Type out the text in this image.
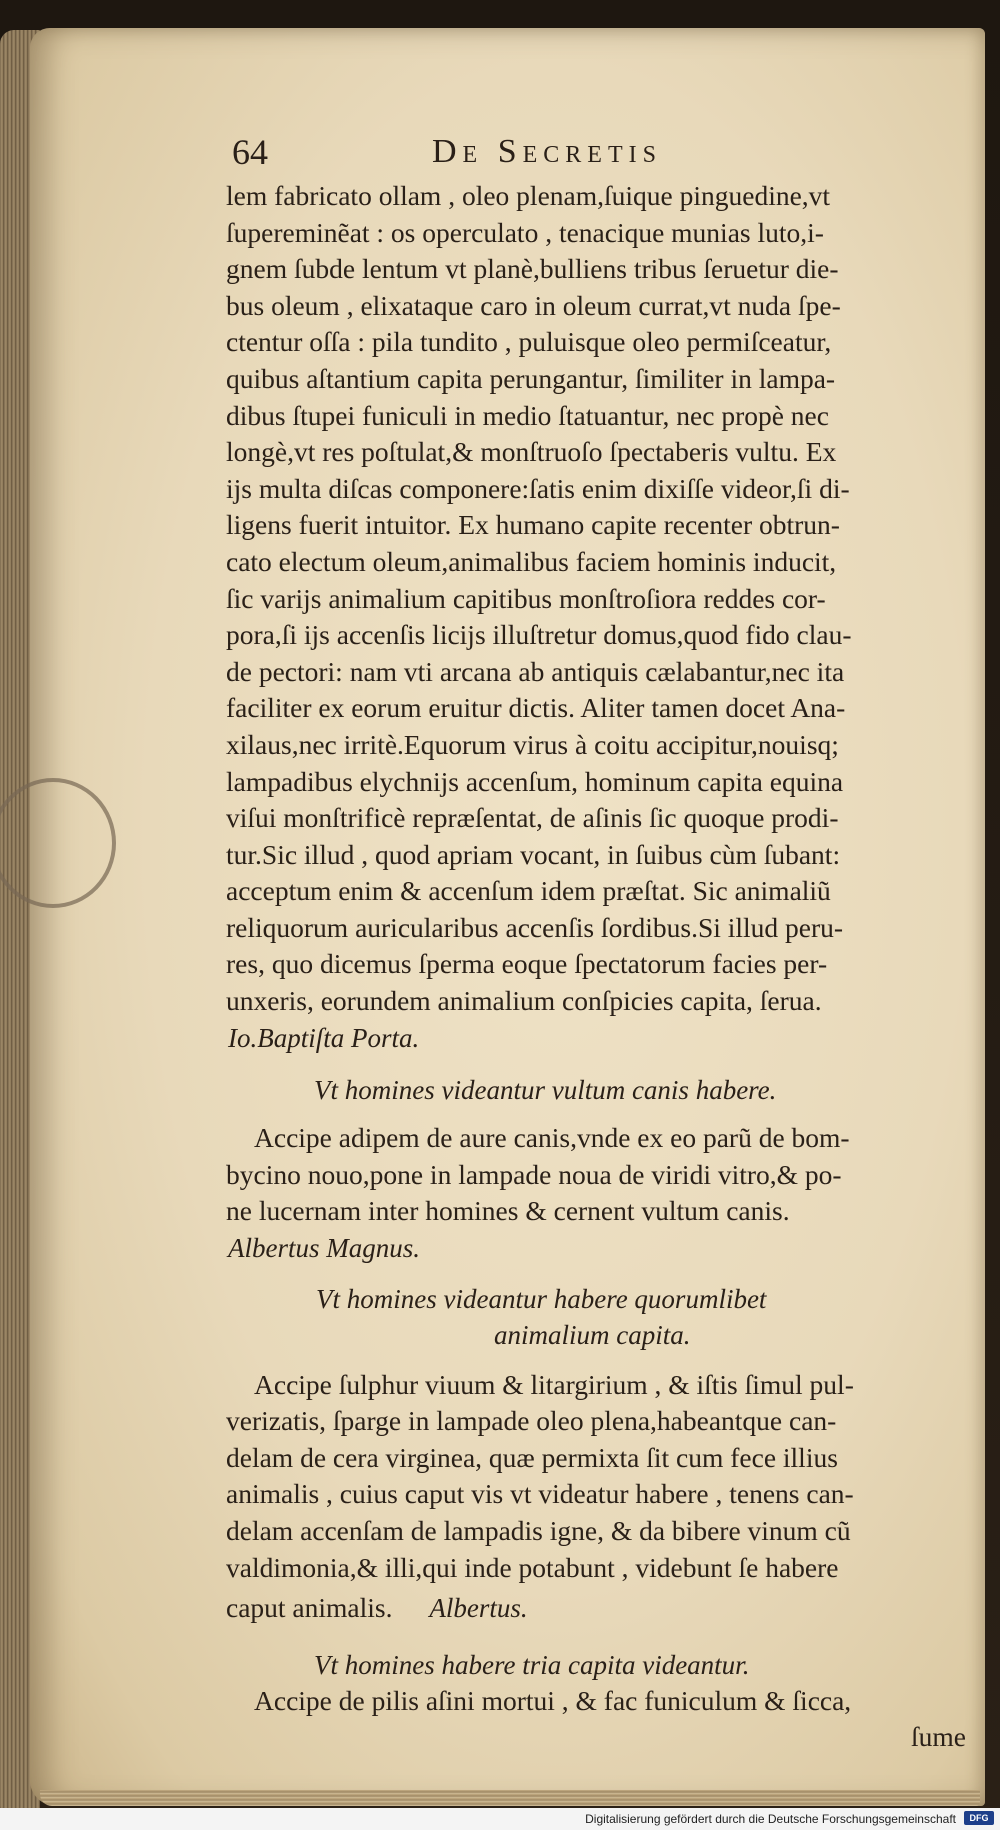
64	De Secretis
lem fabricato ollam , oleo plenam,ſuique pinguedine,vt
ſupereminẽat : os operculato , tenacique munias luto,i-
gnem ſubde lentum vt planè,bulliens tribus ſeruetur die-
bus oleum , elixataque caro in oleum currat,vt nuda ſpe-
ctentur oſſa : pila tundito , puluisque oleo permiſceatur,
quibus aſtantium capita perungantur, ſimiliter in lampa-
dibus ſtupei funiculi in medio ſtatuantur, nec propè nec
longè,vt res poſtulat,& monſtruoſo ſpectaberis vultu. Ex
ijs multa diſcas componere:ſatis enim dixiſſe videor,ſi di-
ligens fuerit intuitor. Ex humano capite recenter obtrun-
cato electum oleum,animalibus faciem hominis inducit,
ſic varijs animalium capitibus monſtroſiora reddes cor-
pora,ſi ijs accenſis licijs illuſtretur domus,quod fido clau-
de pectori: nam vti arcana ab antiquis cælabantur,nec ita
faciliter ex eorum eruitur dictis. Aliter tamen docet Ana-
xilaus,nec irritè.Equorum virus à coitu accipitur,nouisq;
lampadibus elychnijs accenſum, hominum capita equina
viſui monſtrificè repræſentat, de aſinis ſic quoque prodi-
tur.Sic illud , quod apriam vocant, in ſuibus cùm ſubant:
acceptum enim & accenſum idem præſtat. Sic animaliũ
reliquorum auricularibus accenſis ſordibus.Si illud peru-
res, quo dicemus ſperma eoque ſpectatorum facies per-
unxeris, eorundem animalium conſpicies capita, ſerua.
Io.Baptiſta Porta.
Vt homines videantur vultum canis habere.
Accipe adipem de aure canis,vnde ex eo parũ de bom-
bycino nouo,pone in lampade noua de viridi vitro,& po-
ne lucernam inter homines & cernent vultum canis.
Albertus Magnus.
Vt homines videantur habere quorumlibet
animalium capita.
Accipe ſulphur viuum & litargirium , & iſtis ſimul pul-
verizatis, ſparge in lampade oleo plena,habeantque can-
delam de cera virginea, quæ permixta ſit cum fece illius
animalis , cuius caput vis vt videatur habere , tenens can-
delam accenſam de lampadis igne, & da bibere vinum cũ
valdimonia,& illi,qui inde potabunt , videbunt ſe habere
caput animalis. Albertus.
Vt homines habere tria capita videantur.
Accipe de pilis aſini mortui , & fac funiculum & ſicca,
ſume
Digitalisierung gefördert durch die Deutsche Forschungsgemeinschaft	DFG
